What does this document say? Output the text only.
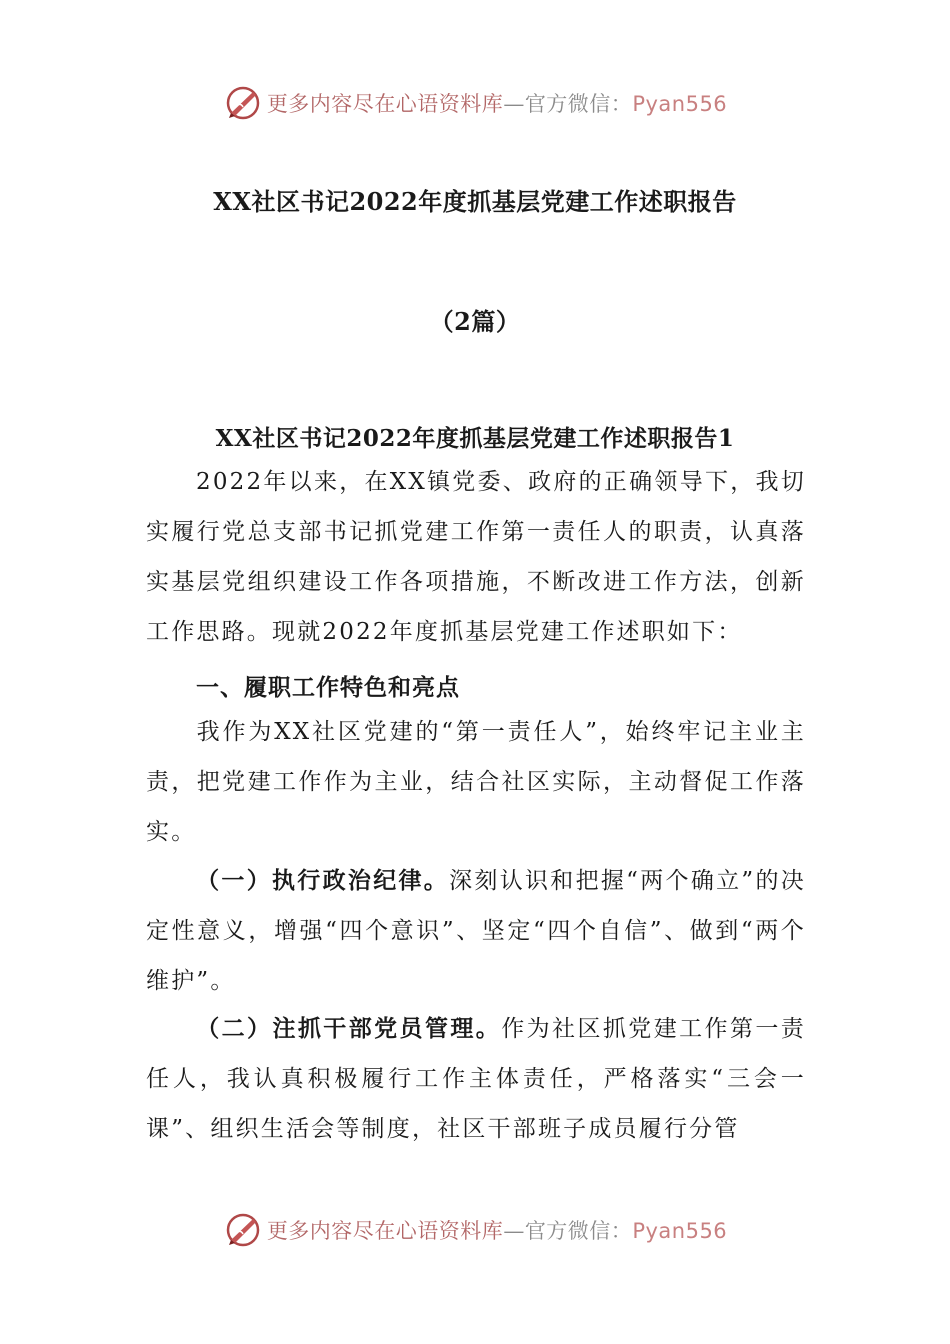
更多内容尽在心语资料库—官方微信：Pyan556
XX社区书记2022年度抓基层党建工作述职报告
（2篇）
XX社区书记2022年度抓基层党建工作述职报告1
2022年以来，在XX镇党委、政府的正确领导下，我切实履行党总支部书记抓党建工作第一责任人的职责，认真落实基层党组织建设工作各项措施，不断改进工作方法，创新工作思路。现就2022年度抓基层党建工作述职如下：
一、履职工作特色和亮点
我作为XX社区党建的“第一责任人”，始终牢记主业主责，把党建工作作为主业，结合社区实际，主动督促工作落实。
（一）执行政治纪律。深刻认识和把握“两个确立”的决定性意义，增强“四个意识”、坚定“四个自信”、做到“两个维护”。
（二）注抓干部党员管理。作为社区抓党建工作第一责任人，我认真积极履行工作主体责任，严格落实“三会一课”、组织生活会等制度，社区干部班子成员履行分管
更多内容尽在心语资料库—官方微信：Pyan556
